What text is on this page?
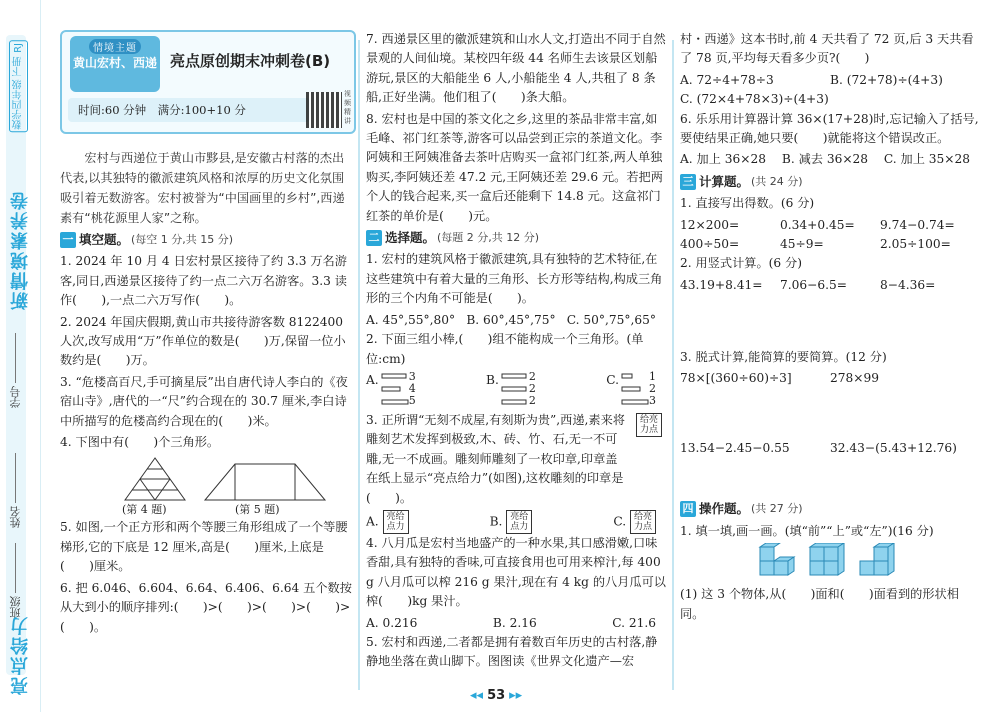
数学四年级 下册 RJ
新情境素养卷
学号
姓名
班级
亮点给力
情境主题
黄山宏村、西递 亮点原创期末冲刺卷(B)
时间:60 分钟　满分:100+10 分
视频精讲
宏村与西递位于黄山市黟县,是安徽古村落的杰出代表,以其独特的徽派建筑风格和浓厚的历史文化氛围吸引着无数游客。宏村被誉为“中国画里的乡村”,西递素有“桃花源里人家”之称。
一 填空题。 (每空 1 分,共 15 分)
1. 2024 年 10 月 4 日宏村景区接待了约 3.3 万名游客,同日,西递景区接待了约一点二六万名游客。3.3 读作(　　),一点二六万写作(　　)。
2. 2024 年国庆假期,黄山市共接待游客数 8122400 人次,改写成用“万”作单位的数是(　　)万,保留一位小数约是(　　)万。
3. “危楼高百尺,手可摘星辰”出自唐代诗人李白的《夜宿山寺》,唐代的一“尺”约合现在的 30.7 厘米,李白诗中所描写的危楼高约合现在的(　　)米。
4. 下图中有(　　)个三角形。
(第 4 题)	(第 5 题)
5. 如图,一个正方形和两个等腰三角形组成了一个等腰梯形,它的下底是 12 厘米,高是(　　)厘米,上底是(　　)厘米。
6. 把 6.046、6.604、6.64、6.406、6.64 五个数按从大到小的顺序排列:(　　)>(　　)>(　　)>(　　)>(　　)。
7. 西递景区里的徽派建筑和山水人文,打造出不同于自然景观的人间仙境。某校四年级 44 名师生去该景区划船游玩,景区的大船能坐 6 人,小船能坐 4 人,共租了 8 条船,正好坐满。他们租了(　　)条大船。
8. 宏村也是中国的茶文化之乡,这里的茶品非常丰富,如毛峰、祁门红茶等,游客可以品尝到正宗的茶道文化。李阿姨和王阿姨准备去茶叶店购买一盒祁门红茶,两人单独购买,李阿姨还差 47.2 元,王阿姨还差 29.6 元。若把两个人的钱合起来,买一盒后还能剩下 14.8 元。这盒祁门红茶的单价是(　　)元。
二 选择题。 (每题 2 分,共 12 分)
1. 宏村的建筑风格于徽派建筑,具有独特的艺术特征,在这些建筑中有着大量的三角形、长方形等结构,构成三角形的三个内角不可能是(　　)。
A. 45°,55°,80° B. 60°,45°,75° C. 50°,75°,65°
2. 下面三组小棒,(　　)组不能构成一个三角形。(单位:cm)
A.	3
4
5
B.	2
2
2
C.	1
2
3
3. 正所谓“无刻不成屋,有刻斯为贵”,西递,素来将雕刻艺术发挥到极致,木、砖、竹、石,无一不可雕,无一不成画。雕刻师雕刻了一枚印章,印章盖在纸上显示“亮点给力”(如图),这枚雕刻的印章是(　　)。
给亮力点
A. 亮给点力	B. 亮给点力	C. 给亮力点
4. 八月瓜是宏村当地盛产的一种水果,其口感滑嫩,口味香甜,具有独特的香味,可直接食用也可用来榨汁,每 400 g 八月瓜可以榨 216 g 果汁,现在有 4 kg 的八月瓜可以榨(　　)kg 果汁。
A. 0.216	B. 2.16	C. 21.6
5. 宏村和西递,二者都是拥有着数百年历史的古村落,静静地坐落在黄山脚下。图图读《世界文化遗产—宏
村・西递》这本书时,前 4 天共看了 72 页,后 3 天共看了 78 页,平均每天看多少页?(　　)
A. 72÷4+78÷3	B. (72+78)÷(4+3)
C. (72×4+78×3)÷(4+3)
6. 乐乐用计算器计算 36×(17+28)时,忘记输入了括号,要使结果正确,她只要(　　)就能将这个错误改正。
A. 加上 36×28 B. 减去 36×28 C. 加上 35×28
三 计算题。 (共 24 分)
1. 直接写出得数。(6 分)
12×200=	0.34+0.45=	9.74−0.74=
400÷50=	45÷9=	2.05÷100=
2. 用竖式计算。(6 分)
43.19+8.41=	7.06−6.5=	8−4.36=
3. 脱式计算,能简算的要简算。(12 分)
78×[(360÷60)÷3]	278×99
13.54−2.45−0.55	32.43−(5.43+12.76)
四 操作题。 (共 27 分)
1. 填一填,画一画。(填“前”“上”或“左”)(16 分)
(1) 这 3 个物体,从(　　)面和(　　)面看到的形状相同。
◂◂ 53 ▸▸
